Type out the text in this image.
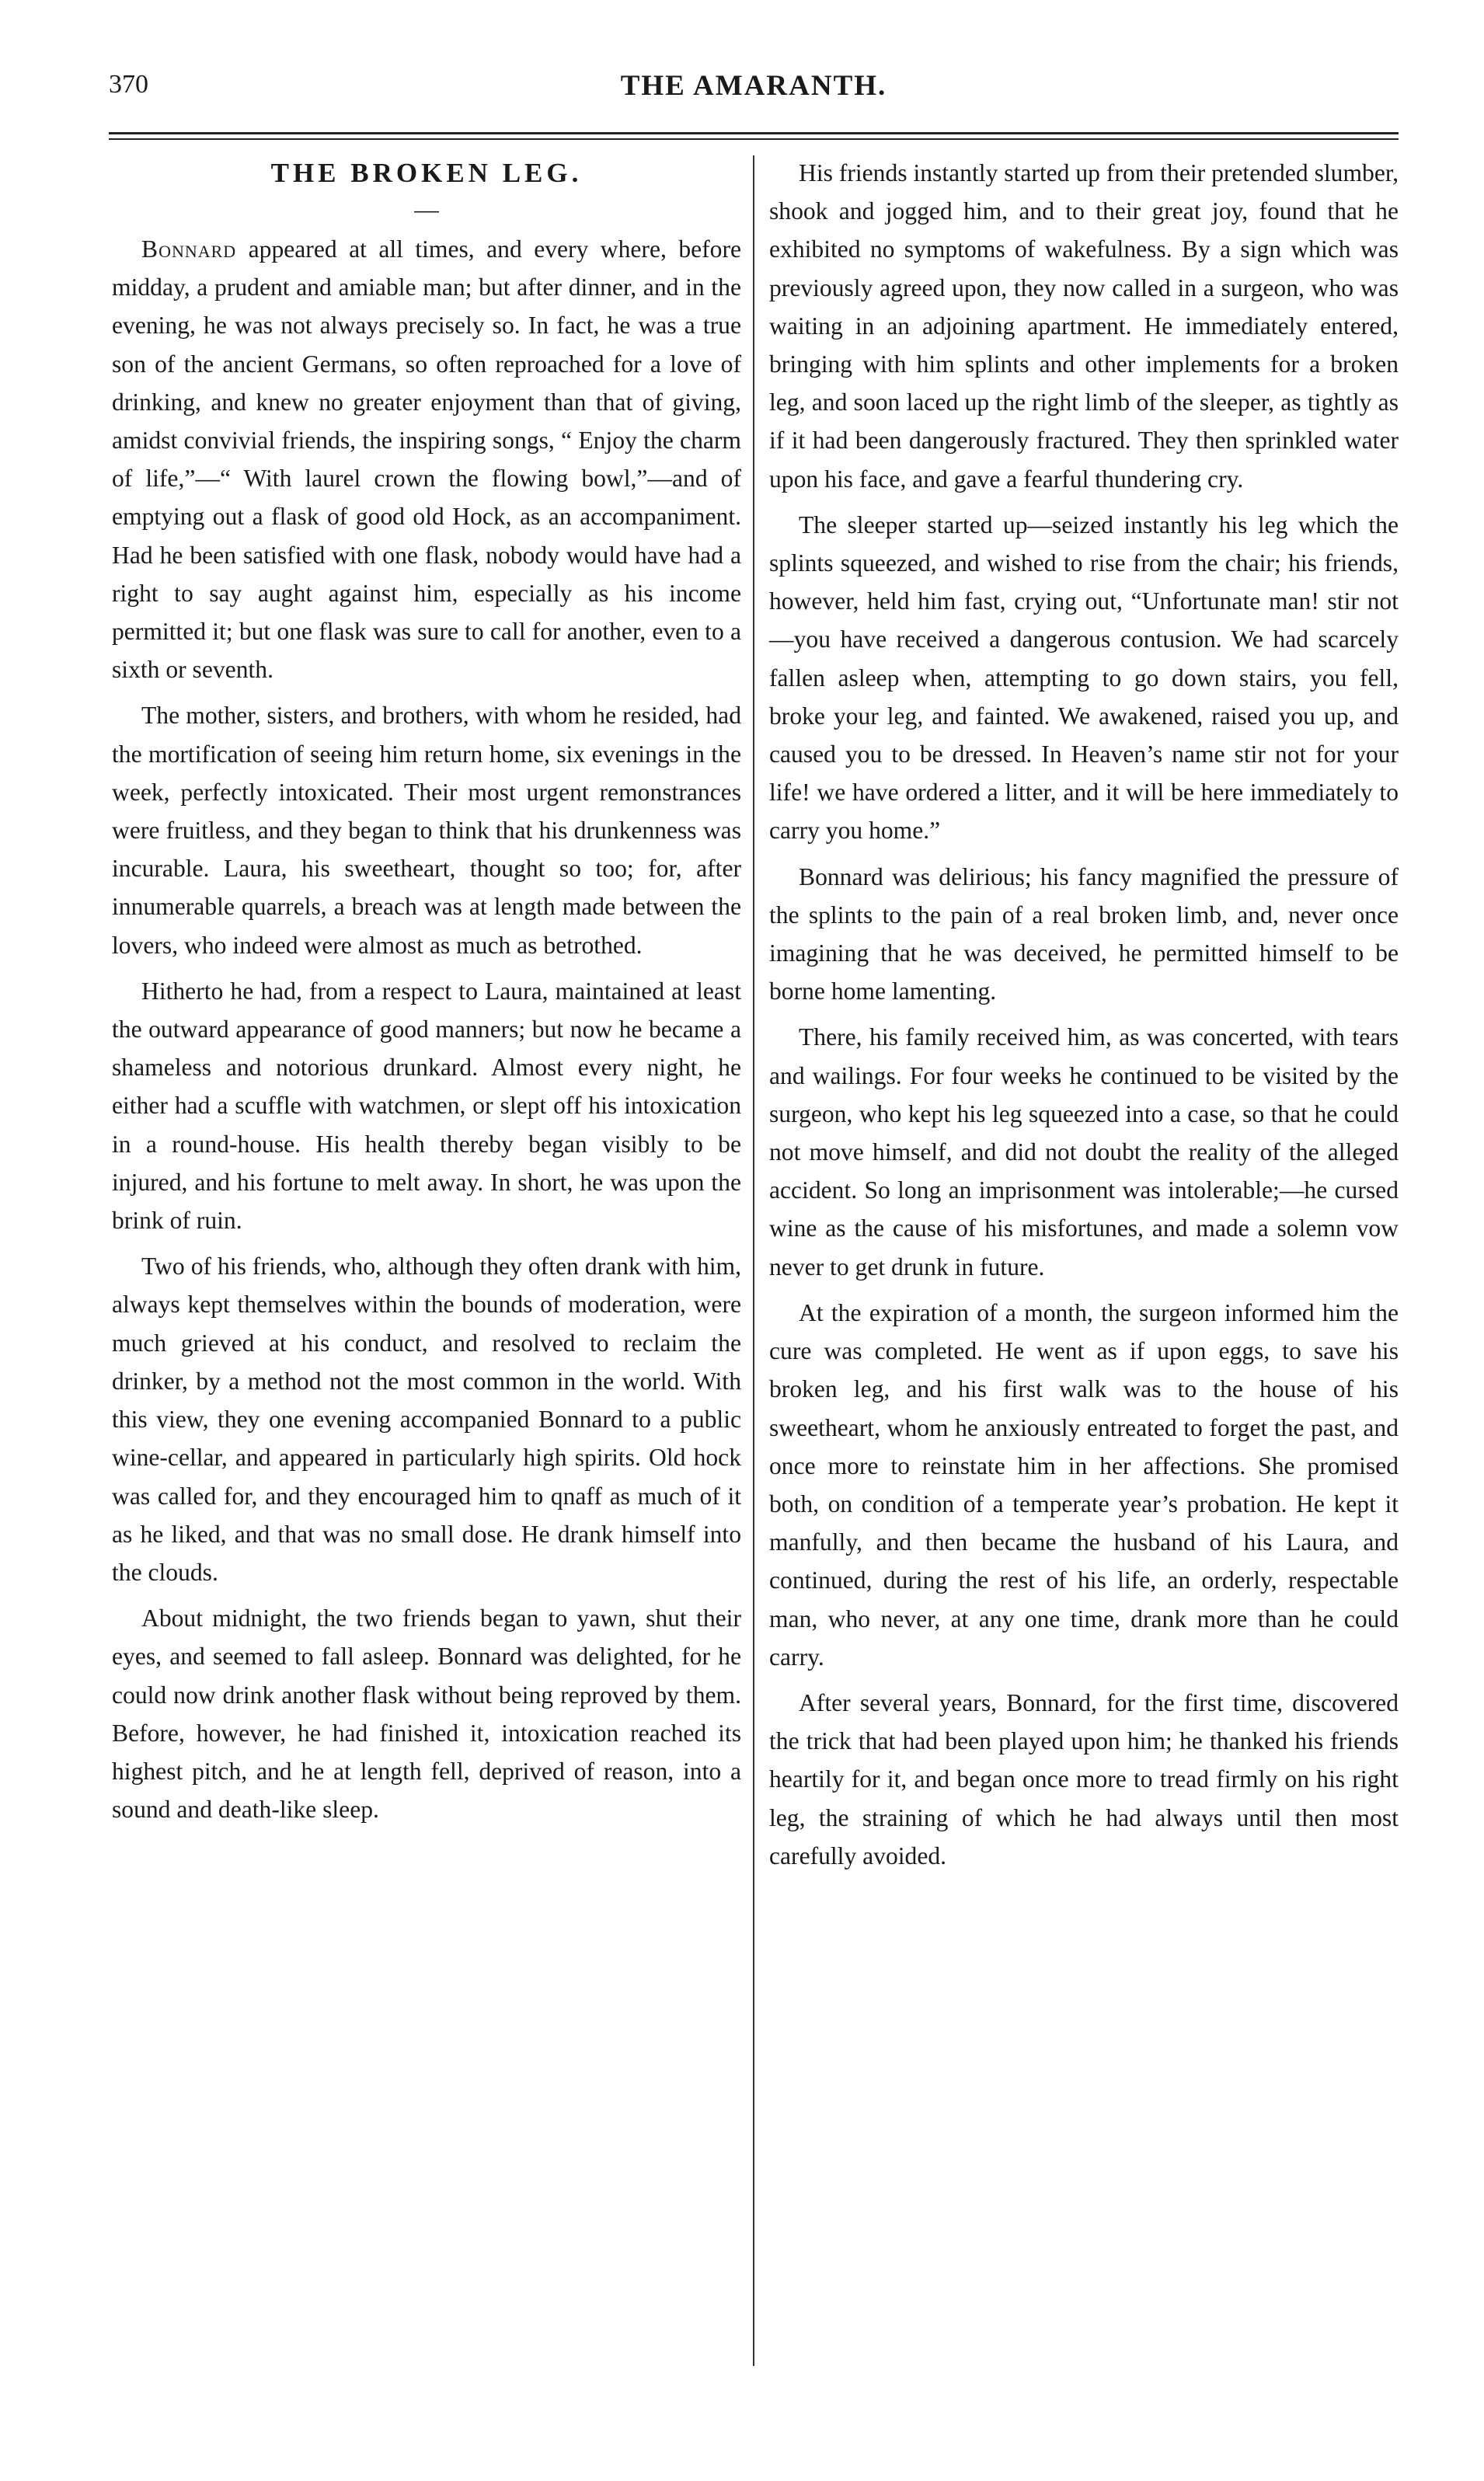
370	THE AMARANTH.
THE BROKEN LEG.
—

Bonnard appeared at all times, and every where, before midday, a prudent and amiable man; but after dinner, and in the evening, he was not always precisely so. In fact, he was a true son of the ancient Germans, so often reproached for a love of drinking, and knew no greater enjoyment than that of giving, amidst convivial friends, the inspiring songs, “ Enjoy the charm of life,”—“ With laurel crown the flowing bowl,”—and of emptying out a flask of good old Hock, as an accompaniment. Had he been satisfied with one flask, nobody would have had a right to say aught against him, especially as his income permitted it; but one flask was sure to call for another, even to a sixth or seventh.

The mother, sisters, and brothers, with whom he resided, had the mortification of seeing him return home, six evenings in the week, perfectly intoxicated. Their most urgent remonstrances were fruitless, and they began to think that his drunkenness was incurable. Laura, his sweetheart, thought so too; for, after innumerable quarrels, a breach was at length made between the lovers, who indeed were almost as much as betrothed.

Hitherto he had, from a respect to Laura, maintained at least the outward appearance of good manners; but now he became a shameless and notorious drunkard. Almost every night, he either had a scuffle with watchmen, or slept off his intoxication in a round-house. His health thereby began visibly to be injured, and his fortune to melt away. In short, he was upon the brink of ruin.

Two of his friends, who, although they often drank with him, always kept themselves within the bounds of moderation, were much grieved at his conduct, and resolved to reclaim the drinker, by a method not the most common in the world. With this view, they one evening accompanied Bonnard to a public wine-cellar, and appeared in particularly high spirits. Old hock was called for, and they encouraged him to qnaff as much of it as he liked, and that was no small dose. He drank himself into the clouds.

About midnight, the two friends began to yawn, shut their eyes, and seemed to fall asleep. Bonnard was delighted, for he could now drink another flask without being reproved by them. Before, however, he had finished it, intoxication reached its highest pitch, and he at length fell, deprived of reason, into a sound and death-like sleep.

His friends instantly started up from their pretended slumber, shook and jogged him, and to their great joy, found that he exhibited no symptoms of wakefulness. By a sign which was previously agreed upon, they now called in a surgeon, who was waiting in an adjoining apartment. He immediately entered, bringing with him splints and other implements for a broken leg, and soon laced up the right limb of the sleeper, as tightly as if it had been dangerously fractured. They then sprinkled water upon his face, and gave a fearful thundering cry.

The sleeper started up—seized instantly his leg which the splints squeezed, and wished to rise from the chair; his friends, however, held him fast, crying out, “Unfortunate man! stir not—you have received a dangerous contusion. We had scarcely fallen asleep when, attempting to go down stairs, you fell, broke your leg, and fainted. We awakened, raised you up, and caused you to be dressed. In Heaven’s name stir not for your life! we have ordered a litter, and it will be here immediately to carry you home.”

Bonnard was delirious; his fancy magnified the pressure of the splints to the pain of a real broken limb, and, never once imagining that he was deceived, he permitted himself to be borne home lamenting.

There, his family received him, as was concerted, with tears and wailings. For four weeks he continued to be visited by the surgeon, who kept his leg squeezed into a case, so that he could not move himself, and did not doubt the reality of the alleged accident. So long an imprisonment was intolerable;—he cursed wine as the cause of his misfortunes, and made a solemn vow never to get drunk in future.

At the expiration of a month, the surgeon informed him the cure was completed. He went as if upon eggs, to save his broken leg, and his first walk was to the house of his sweetheart, whom he anxiously entreated to forget the past, and once more to reinstate him in her affections. She promised both, on condition of a temperate year’s probation. He kept it manfully, and then became the husband of his Laura, and continued, during the rest of his life, an orderly, respectable man, who never, at any one time, drank more than he could carry.

After several years, Bonnard, for the first time, discovered the trick that had been played upon him; he thanked his friends heartily for it, and began once more to tread firmly on his right leg, the straining of which he had always until then most carefully avoided.
